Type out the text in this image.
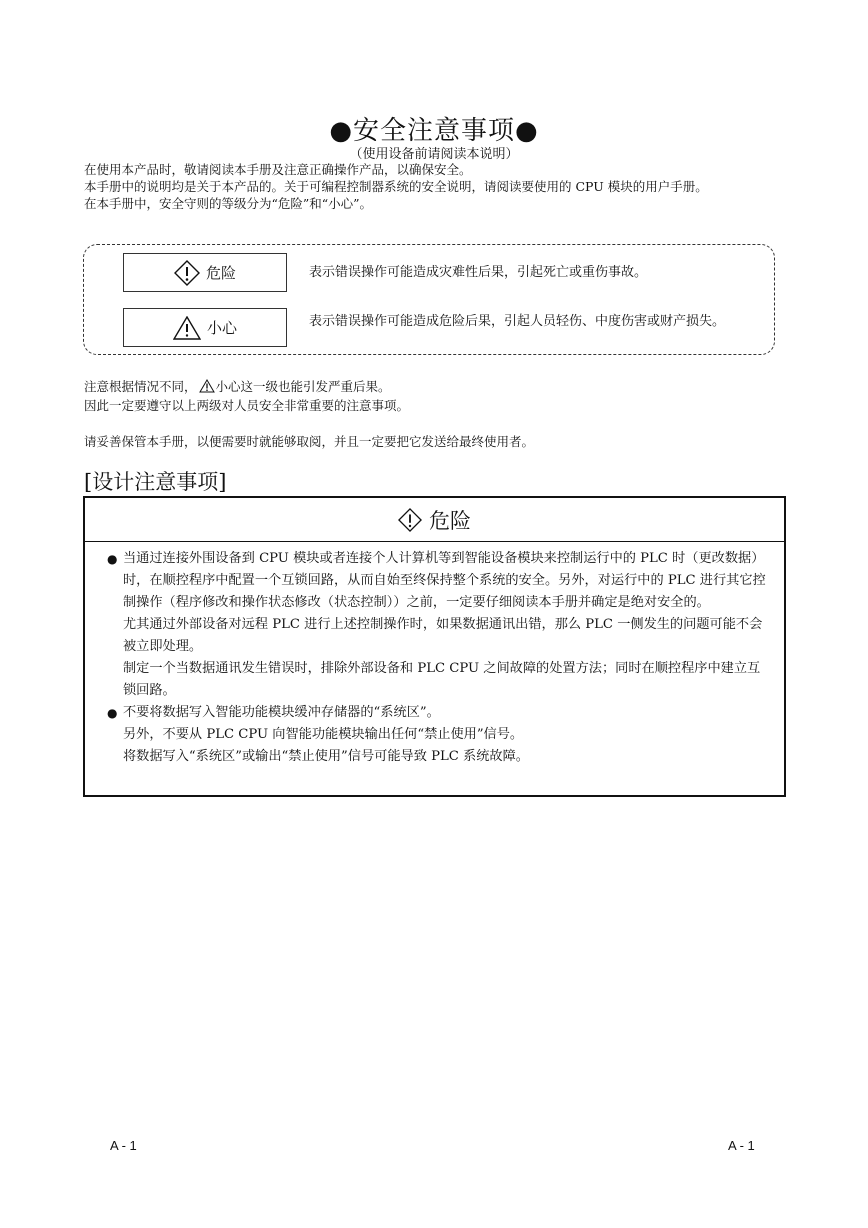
●安全注意事项●
（使用设备前请阅读本说明）

在使用本产品时，敬请阅读本手册及注意正确操作产品，以确保安全。

本手册中的说明均是关于本产品的。关于可编程控制器系统的安全说明，请阅读要使用的 CPU 模块的用户手册。

在本手册中，安全守则的等级分为“危险”和“小心”。

危险	表示错误操作可能造成灾难性后果，引起死亡或重伤事故。
小心	表示错误操作可能造成危险后果，引起人员轻伤、中度伤害或财产损失。

注意根据情况不同， 小心这一级也能引发严重后果。

因此一定要遵守以上两级对人员安全非常重要的注意事项。

请妥善保管本手册，以便需要时就能够取阅，并且一定要把它发送给最终使用者。
[设计注意事项]
危险
● 当通过连接外围设备到 CPU 模块或者连接个人计算机等到智能设备模块来控制运行中的 PLC 时（更改数据）时，在顺控程序中配置一个互锁回路，从而自始至终保持整个系统的安全。另外，对运行中的 PLC 进行其它控制操作（程序修改和操作状态修改（状态控制））之前，一定要仔细阅读本手册并确定是绝对安全的。

尤其通过外部设备对远程 PLC 进行上述控制操作时，如果数据通讯出错，那么 PLC 一侧发生的问题可能不会被立即处理。

制定一个当数据通讯发生错误时，排除外部设备和 PLC CPU 之间故障的处置方法；同时在顺控程序中建立互锁回路。

● 不要将数据写入智能功能模块缓冲存储器的“系统区”。

另外，不要从 PLC CPU 向智能功能模块输出任何“禁止使用”信号。

将数据写入“系统区”或输出“禁止使用”信号可能导致 PLC 系统故障。

A - 1	A - 1
